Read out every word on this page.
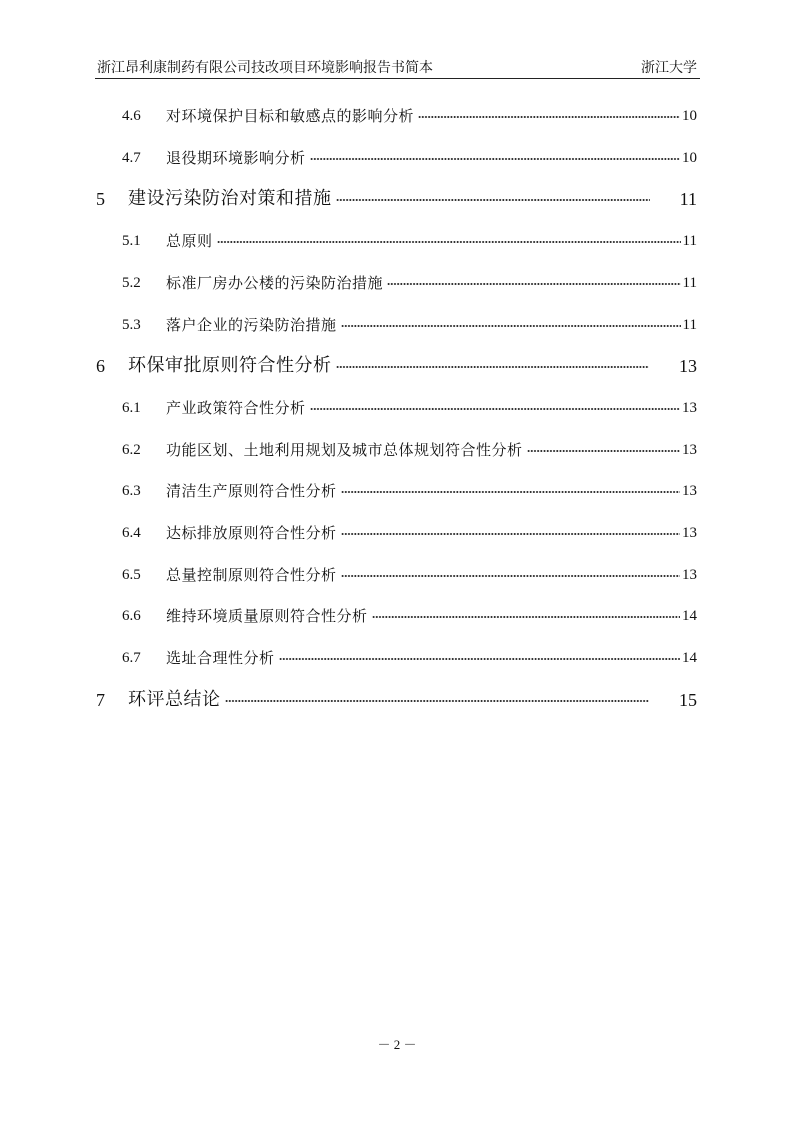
浙江昂利康制药有限公司技改项目环境影响报告书简本	浙江大学
4.6 对环境保护目标和敏感点的影响分析	10
4.7 退役期环境影响分析	10
5 建设污染防治对策和措施	11
5.1 总原则	11
5.2 标准厂房办公楼的污染防治措施	11
5.3 落户企业的污染防治措施	11
6 环保审批原则符合性分析	13
6.1 产业政策符合性分析	13
6.2 功能区划、土地利用规划及城市总体规划符合性分析	13
6.3 清洁生产原则符合性分析	13
6.4 达标排放原则符合性分析	13
6.5 总量控制原则符合性分析	13
6.6 维持环境质量原则符合性分析	14
6.7 选址合理性分析	14
7 环评总结论	15
－ 2 －
